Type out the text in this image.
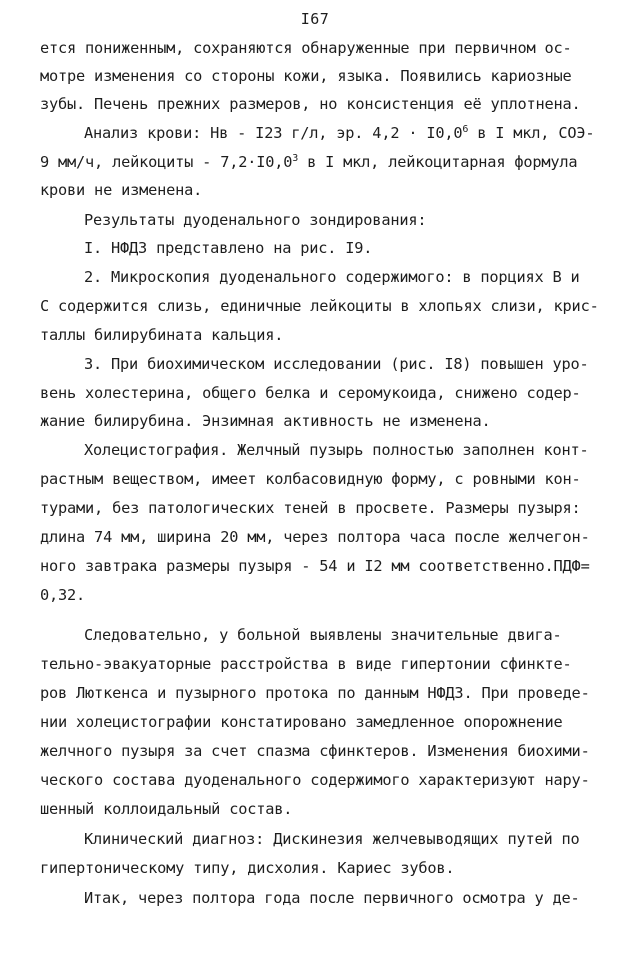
I67
ется пониженным, сохраняются обнаруженные при первичном ос-
мотре изменения со стороны кожи, языка. Появились кариозные
зубы. Печень прежних размеров, но консистенция её уплотнена.
Анализ крови: Нв - I23 г/л, эр. $4,2 \cdot I0,0^6$ в I мкл, СОЭ-
9 мм/ч, лейкоциты - $7,2\cdot I0,0^3$ в I мкл, лейкоцитарная формула
крови не изменена.
Результаты дуоденального зондирования:
I. НФДЗ представлено на рис. I9.
2. Микроскопия дуоденального содержимого: в порциях В и
С содержится слизь, единичные лейкоциты в хлопьях слизи, крис-
таллы билирубината кальция.
3. При биохимическом исследовании (рис. I8) повышен уро-
вень холестерина, общего белка и серомукоида, снижено содер-
жание билирубина. Энзимная активность не изменена.
Холецистография. Желчный пузырь полностью заполнен конт-
растным веществом, имеет колбасовидную форму, с ровными кон-
турами, без патологических теней в просвете. Размеры пузыря:
длина 74 мм, ширина 20 мм, через полтора часа после желчегон-
ного завтрака размеры пузыря - 54 и I2 мм соответственно.ПДФ=
0,32.
Следовательно, у больной выявлены значительные двига-
тельно-эвакуаторные расстройства в виде гипертонии сфинкте-
ров Люткенса и пузырного протока по данным НФДЗ. При проведе-
нии холецистографии констатировано замедленное опорожнение
желчного пузыря за счет спазма сфинктеров. Изменения биохими-
ческого состава дуоденального содержимого характеризуют нару-
шенный коллоидальный состав.
Клинический диагноз: Дискинезия желчевыводящих путей по
гипертоническому типу, дисхолия. Кариес зубов.
Итак, через полтора года после первичного осмотра у де-
